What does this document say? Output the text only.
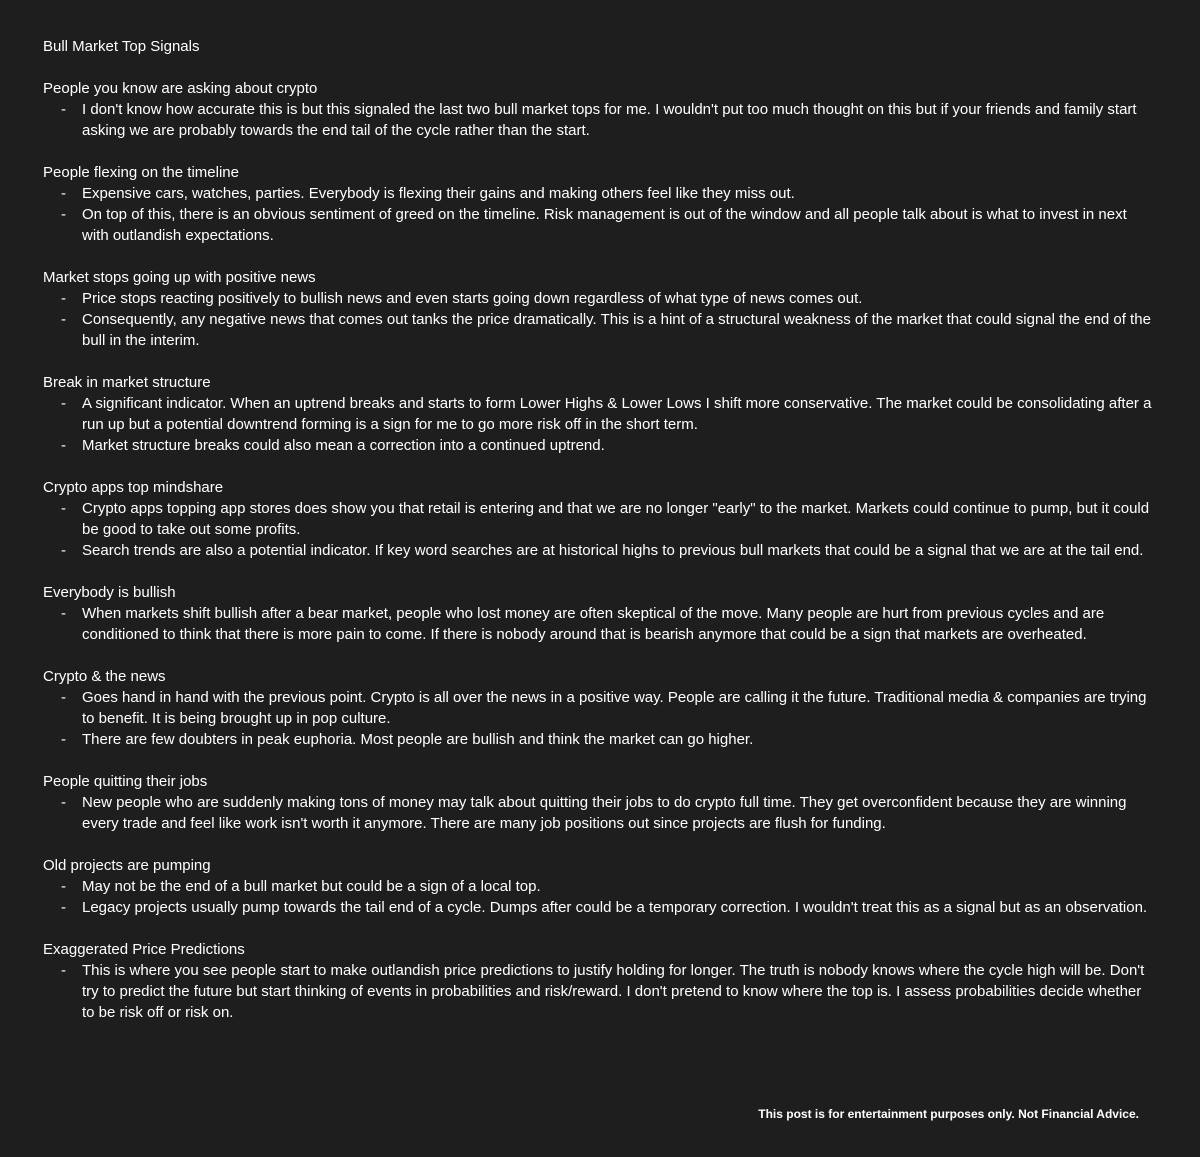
Bull Market Top Signals
People you know are asking about crypto
- I don't know how accurate this is but this signaled the last two bull market tops for me. I wouldn't put too much thought on this but if your friends and family start asking we are probably towards the end tail of the cycle rather than the start.
People flexing on the timeline
- Expensive cars, watches, parties. Everybody is flexing their gains and making others feel like they miss out.
- On top of this, there is an obvious sentiment of greed on the timeline. Risk management is out of the window and all people talk about is what to invest in next with outlandish expectations.
Market stops going up with positive news
- Price stops reacting positively to bullish news and even starts going down regardless of what type of news comes out.
- Consequently, any negative news that comes out tanks the price dramatically. This is a hint of a structural weakness of the market that could signal the end of the bull in the interim.
Break in market structure
- A significant indicator. When an uptrend breaks and starts to form Lower Highs & Lower Lows I shift more conservative. The market could be consolidating after a run up but a potential downtrend forming is a sign for me to go more risk off in the short term.
- Market structure breaks could also mean a correction into a continued uptrend.
Crypto apps top mindshare
- Crypto apps topping app stores does show you that retail is entering and that we are no longer "early" to the market. Markets could continue to pump, but it could be good to take out some profits.
- Search trends are also a potential indicator. If key word searches are at historical highs to previous bull markets that could be a signal that we are at the tail end.
Everybody is bullish
- When markets shift bullish after a bear market, people who lost money are often skeptical of the move. Many people are hurt from previous cycles and are conditioned to think that there is more pain to come. If there is nobody around that is bearish anymore that could be a sign that markets are overheated.
Crypto & the news
- Goes hand in hand with the previous point. Crypto is all over the news in a positive way. People are calling it the future. Traditional media & companies are trying to benefit. It is being brought up in pop culture.
- There are few doubters in peak euphoria. Most people are bullish and think the market can go higher.
People quitting their jobs
- New people who are suddenly making tons of money may talk about quitting their jobs to do crypto full time. They get overconfident because they are winning every trade and feel like work isn't worth it anymore. There are many job positions out since projects are flush for funding.
Old projects are pumping
- May not be the end of a bull market but could be a sign of a local top.
- Legacy projects usually pump towards the tail end of a cycle. Dumps after could be a temporary correction. I wouldn't treat this as a signal but as an observation.
Exaggerated Price Predictions
- This is where you see people start to make outlandish price predictions to justify holding for longer. The truth is nobody knows where the cycle high will be. Don't try to predict the future but start thinking of events in probabilities and risk/reward. I don't pretend to know where the top is. I assess probabilities decide whether to be risk off or risk on.
This post is for entertainment purposes only. Not Financial Advice.
